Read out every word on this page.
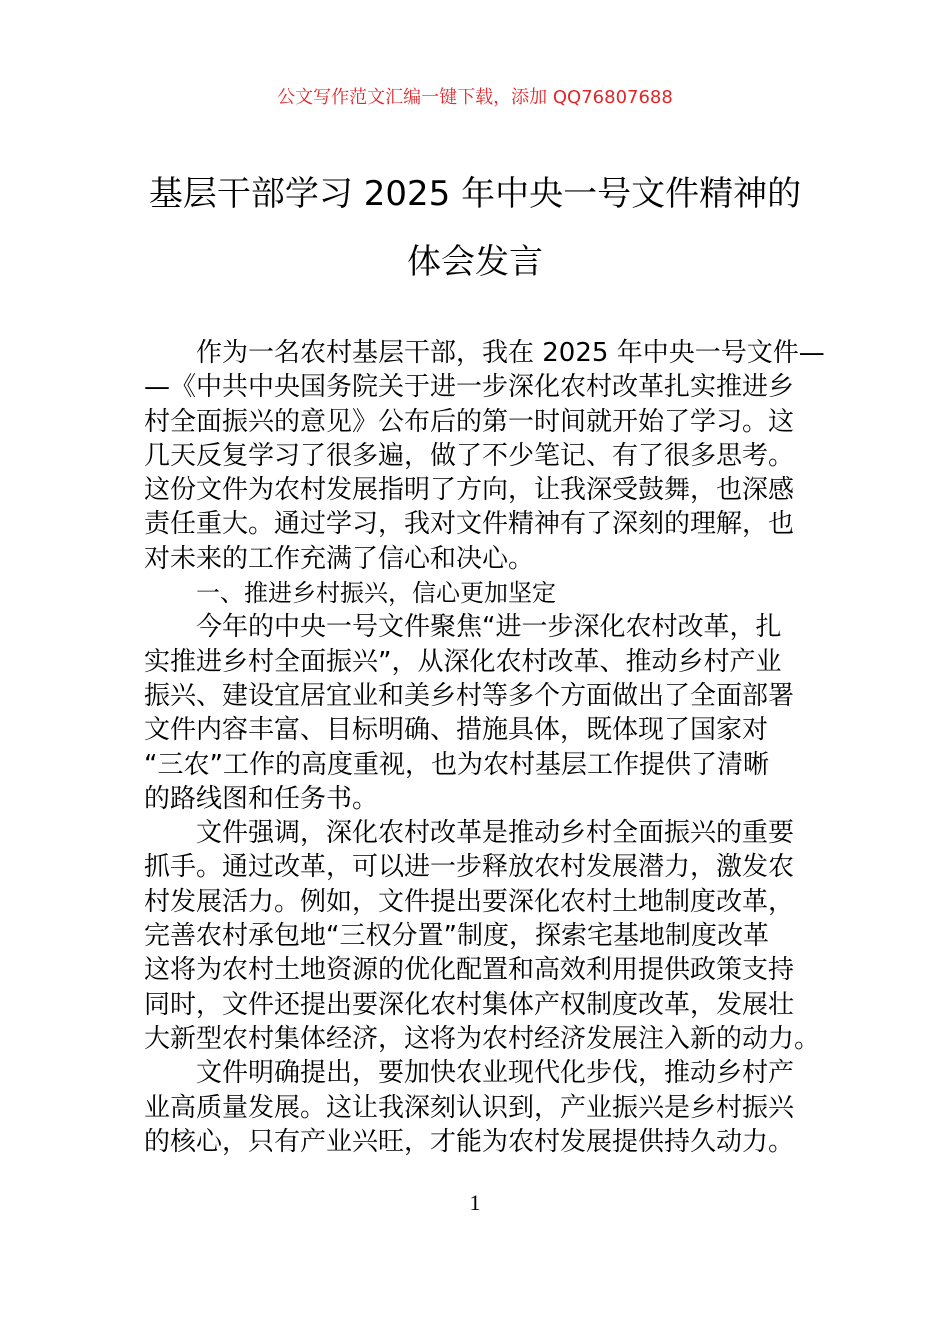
公文写作范文汇编一键下载，添加 QQ76807688
基层干部学习 2025 年中央一号文件精神的
体会发言
作为一名农村基层干部，我在 2025 年中央一号文件—
—《中共中央国务院关于进一步深化农村改革扎实推进乡
村全面振兴的意见》公布后的第一时间就开始了学习。这
几天反复学习了很多遍，做了不少笔记、有了很多思考。
这份文件为农村发展指明了方向，让我深受鼓舞，也深感
责任重大。通过学习，我对文件精神有了深刻的理解，也
对未来的工作充满了信心和决心。
一、推进乡村振兴，信心更加坚定
今年的中央一号文件聚焦“进一步深化农村改革，扎
实推进乡村全面振兴”，从深化农村改革、推动乡村产业
振兴、建设宜居宜业和美乡村等多个方面做出了全面部署
文件内容丰富、目标明确、措施具体，既体现了国家对
“三农”工作的高度重视，也为农村基层工作提供了清晰
的路线图和任务书。
文件强调，深化农村改革是推动乡村全面振兴的重要
抓手。通过改革，可以进一步释放农村发展潜力，激发农
村发展活力。例如，文件提出要深化农村土地制度改革，
完善农村承包地“三权分置”制度，探索宅基地制度改革
这将为农村土地资源的优化配置和高效利用提供政策支持
同时，文件还提出要深化农村集体产权制度改革，发展壮
大新型农村集体经济，这将为农村经济发展注入新的动力。
文件明确提出，要加快农业现代化步伐，推动乡村产
业高质量发展。这让我深刻认识到，产业振兴是乡村振兴
的核心，只有产业兴旺，才能为农村发展提供持久动力。
1
